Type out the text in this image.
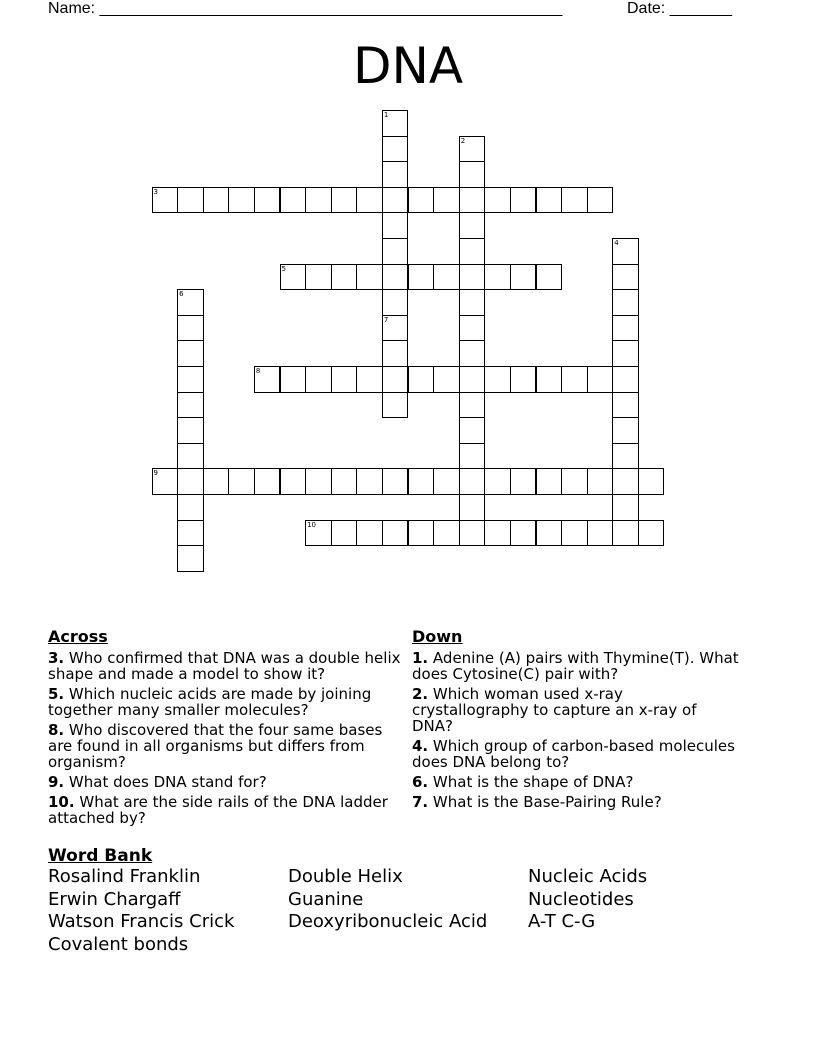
Name: ____________________________________________________	Date: _______
DNA
1
7
2
3
4
5
6
8
9
10
Across
3. Who confirmed that DNA was a double helix shape and made a model to show it?
5. Which nucleic acids are made by joining together many smaller molecules?
8. Who discovered that the four same bases are found in all organisms but differs from organism?
9. What does DNA stand for?
10. What are the side rails of the DNA ladder attached by?
Down
1. Adenine (A) pairs with Thymine(T). What does Cytosine(C) pair with?
2. Which woman used x-ray crystallography to capture an x-ray of DNA?
4. Which group of carbon-based molecules does DNA belong to?
6. What is the shape of DNA?
7. What is the Base-Pairing Rule?
Word Bank
Rosalind Franklin
Erwin Chargaff
Watson Francis Crick
Covalent bonds
Double Helix
Guanine
Deoxyribonucleic Acid
Nucleic Acids
Nucleotides
A-T C-G
